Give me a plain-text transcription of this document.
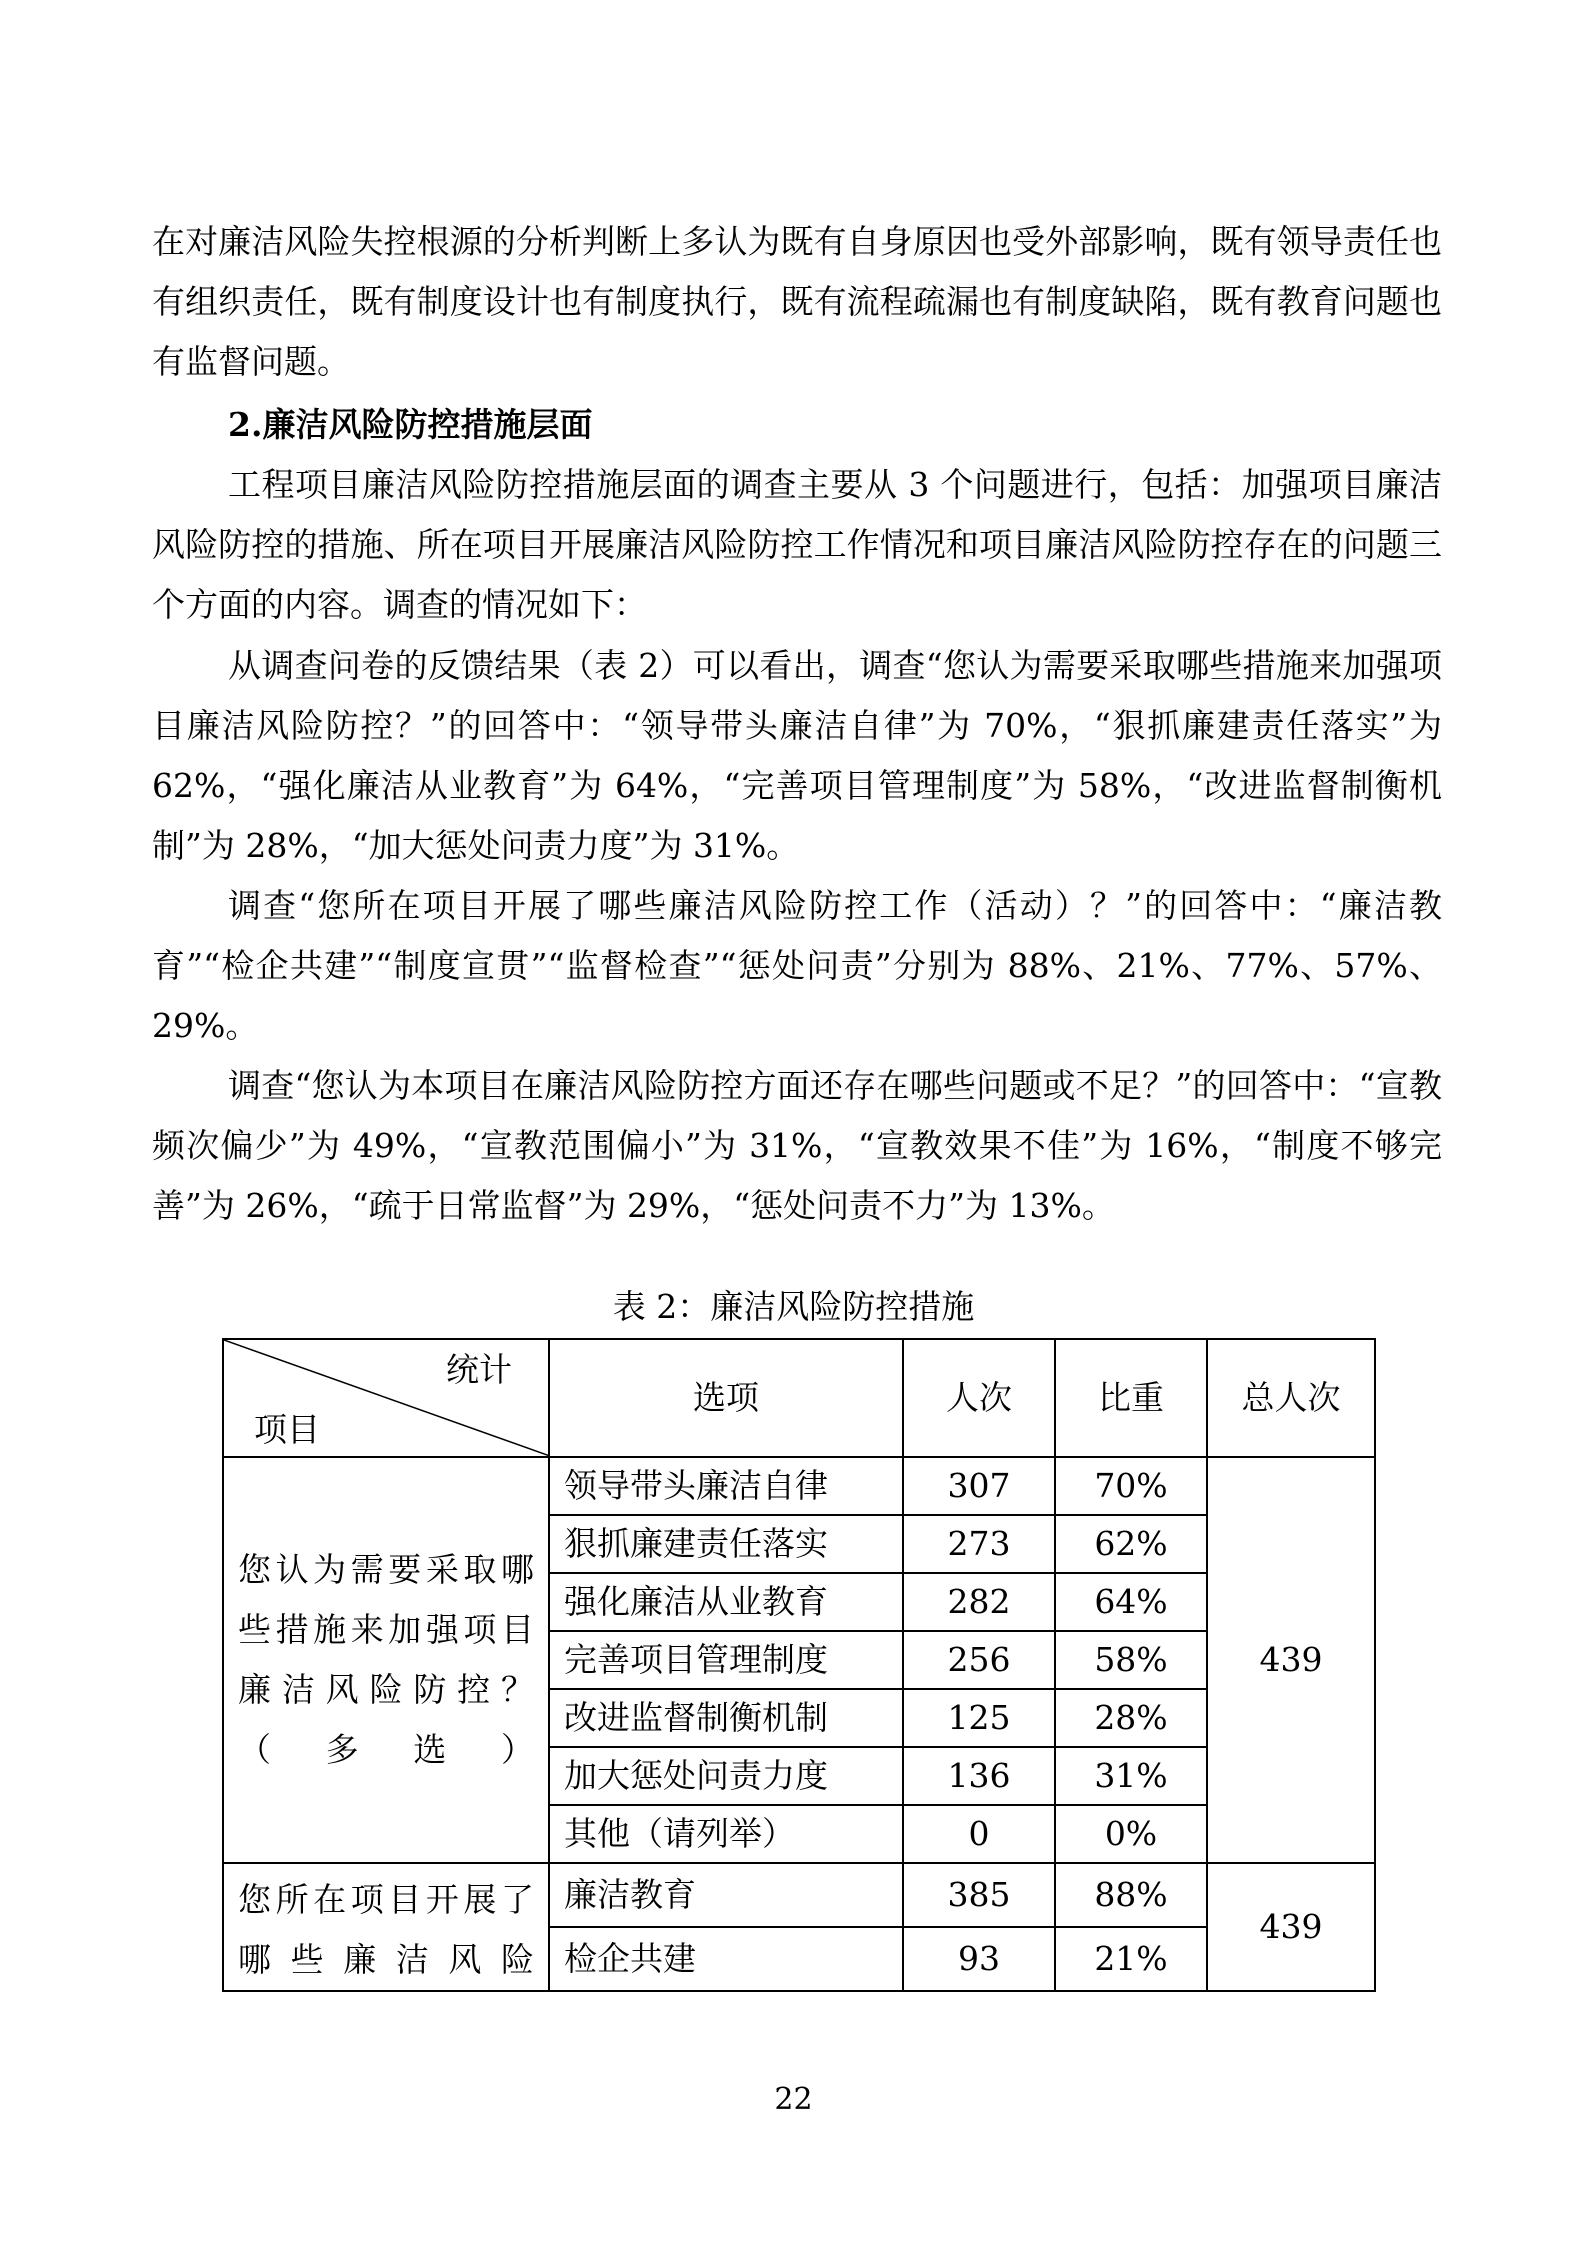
在对廉洁风险失控根源的分析判断上多认为既有自身原因也受外部影响，既有领导责任也有组织责任，既有制度设计也有制度执行，既有流程疏漏也有制度缺陷，既有教育问题也有监督问题。

2.廉洁风险防控措施层面

工程项目廉洁风险防控措施层面的调查主要从 3 个问题进行，包括：加强项目廉洁风险防控的措施、所在项目开展廉洁风险防控工作情况和项目廉洁风险防控存在的问题三个方面的内容。调查的情况如下：

从调查问卷的反馈结果（表 2）可以看出，调查“您认为需要采取哪些措施来加强项目廉洁风险防控？”的回答中：“领导带头廉洁自律”为 70%，“狠抓廉建责任落实”为 62%，“强化廉洁从业教育”为 64%，“完善项目管理制度”为 58%，“改进监督制衡机制”为 28%，“加大惩处问责力度”为 31%。

调查“您所在项目开展了哪些廉洁风险防控工作（活动）？”的回答中：“廉洁教育”“检企共建”“制度宣贯”“监督检查”“惩处问责”分别为 88%、21%、77%、57%、29%。

调查“您认为本项目在廉洁风险防控方面还存在哪些问题或不足？”的回答中：“宣教频次偏少”为 49%，“宣教范围偏小”为 31%，“宣教效果不佳”为 16%，“制度不够完善”为 26%，“疏于日常监督”为 29%，“惩处问责不力”为 13%。

表 2：廉洁风险防控措施
统计
项目	选项	人次	比重	总人次
您认为需要采取哪些措施来加强项目廉洁风险防控？（多选）	领导带头廉洁自律	307	70%	439
	狠抓廉建责任落实	273	62%	
	强化廉洁从业教育	282	64%	
	完善项目管理制度	256	58%	
	改进监督制衡机制	125	28%	
	加大惩处问责力度	136	31%	
	其他（请列举）	0	0%	
您所在项目开展了哪些廉洁风险	廉洁教育	385	88%	439
	检企共建	93	21%	
22
